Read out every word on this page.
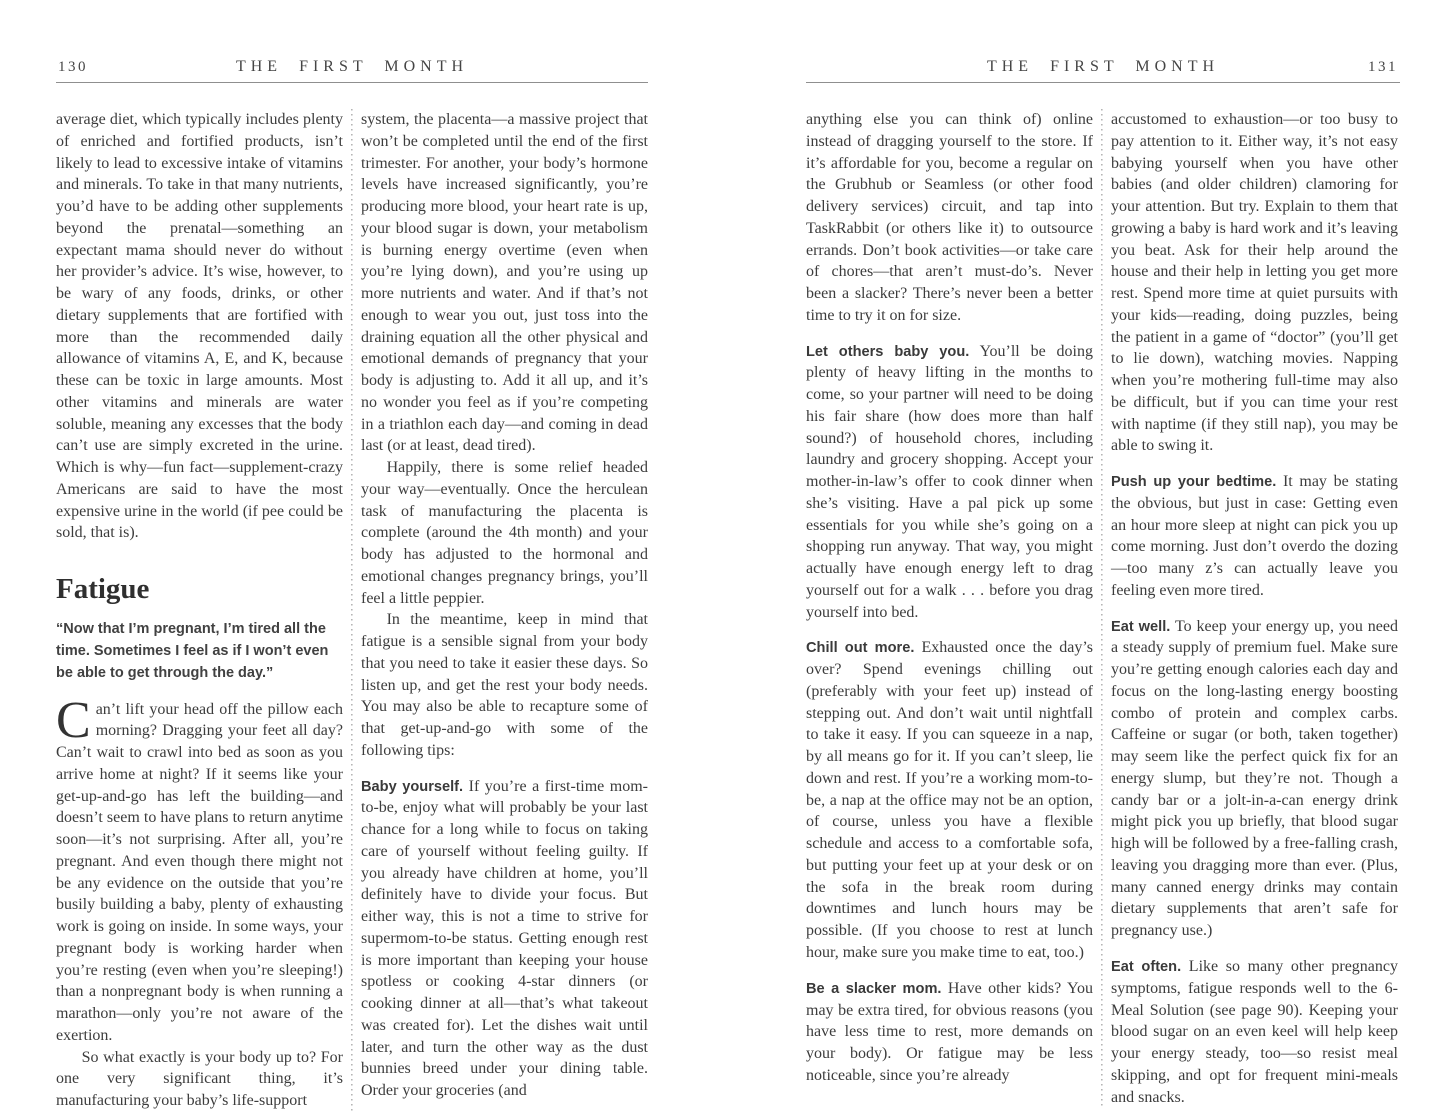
130	THE FIRST MONTH

average diet, which typically includes plenty of enriched and fortified products, isn’t likely to lead to excessive intake of vitamins and minerals. To take in that many nutrients, you’d have to be adding other supplements beyond the prenatal—something an expectant mama should never do without her provider’s advice. It’s wise, however, to be wary of any foods, drinks, or other dietary supplements that are fortified with more than the recommended daily allowance of vitamins A, E, and K, because these can be toxic in large amounts. Most other vitamins and minerals are water soluble, meaning any excesses that the body can’t use are simply excreted in the urine. Which is why—fun fact—supplement-crazy Americans are said to have the most expensive urine in the world (if pee could be sold, that is).

Fatigue

“Now that I’m pregnant, I’m tired all the time. Sometimes I feel as if I won’t even be able to get through the day.”

Can’t lift your head off the pillow each morning? Dragging your feet all day? Can’t wait to crawl into bed as soon as you arrive home at night? If it seems like your get-up-and-go has left the building—and doesn’t seem to have plans to return anytime soon—it’s not surprising. After all, you’re pregnant. And even though there might not be any evidence on the outside that you’re busily building a baby, plenty of exhausting work is going on inside. In some ways, your pregnant body is working harder when you’re resting (even when you’re sleeping!) than a nonpregnant body is when running a marathon—only you’re not aware of the exertion.

So what exactly is your body up to? For one very significant thing, it’s manufacturing your baby’s life-support

system, the placenta—a massive project that won’t be completed until the end of the first trimester. For another, your body’s hormone levels have increased significantly, you’re producing more blood, your heart rate is up, your blood sugar is down, your metabolism is burning energy overtime (even when you’re lying down), and you’re using up more nutrients and water. And if that’s not enough to wear you out, just toss into the draining equation all the other physical and emotional demands of pregnancy that your body is adjusting to. Add it all up, and it’s no wonder you feel as if you’re competing in a triathlon each day—and coming in dead last (or at least, dead tired).

Happily, there is some relief headed your way—eventually. Once the herculean task of manufacturing the placenta is complete (around the 4th month) and your body has adjusted to the hormonal and emotional changes pregnancy brings, you’ll feel a little peppier.

In the meantime, keep in mind that fatigue is a sensible signal from your body that you need to take it easier these days. So listen up, and get the rest your body needs. You may also be able to recapture some of that get-up-and-go with some of the following tips:

Baby yourself. If you’re a first-time mom-to-be, enjoy what will probably be your last chance for a long while to focus on taking care of yourself without feeling guilty. If you already have children at home, you’ll definitely have to divide your focus. But either way, this is not a time to strive for supermom-to-be status. Getting enough rest is more important than keeping your house spotless or cooking 4-star dinners (or cooking dinner at all—that’s what takeout was created for). Let the dishes wait until later, and turn the other way as the dust bunnies breed under your dining table. Order your groceries (and

THE FIRST MONTH	131

anything else you can think of) online instead of dragging yourself to the store. If it’s affordable for you, become a regular on the Grubhub or Seamless (or other food delivery services) circuit, and tap into TaskRabbit (or others like it) to outsource errands. Don’t book activities—or take care of chores—that aren’t must-do’s. Never been a slacker? There’s never been a better time to try it on for size.

Let others baby you. You’ll be doing plenty of heavy lifting in the months to come, so your partner will need to be doing his fair share (how does more than half sound?) of household chores, including laundry and grocery shopping. Accept your mother-in-law’s offer to cook dinner when she’s visiting. Have a pal pick up some essentials for you while she’s going on a shopping run anyway. That way, you might actually have enough energy left to drag yourself out for a walk . . . before you drag yourself into bed.

Chill out more. Exhausted once the day’s over? Spend evenings chilling out (preferably with your feet up) instead of stepping out. And don’t wait until nightfall to take it easy. If you can squeeze in a nap, by all means go for it. If you can’t sleep, lie down and rest. If you’re a working mom-to-be, a nap at the office may not be an option, of course, unless you have a flexible schedule and access to a comfortable sofa, but putting your feet up at your desk or on the sofa in the break room during downtimes and lunch hours may be possible. (If you choose to rest at lunch hour, make sure you make time to eat, too.)

Be a slacker mom. Have other kids? You may be extra tired, for obvious reasons (you have less time to rest, more demands on your body). Or fatigue may be less noticeable, since you’re already

accustomed to exhaustion—or too busy to pay attention to it. Either way, it’s not easy babying yourself when you have other babies (and older children) clamoring for your attention. But try. Explain to them that growing a baby is hard work and it’s leaving you beat. Ask for their help around the house and their help in letting you get more rest. Spend more time at quiet pursuits with your kids—reading, doing puzzles, being the patient in a game of “doctor” (you’ll get to lie down), watching movies. Napping when you’re mothering full-time may also be difficult, but if you can time your rest with naptime (if they still nap), you may be able to swing it.

Push up your bedtime. It may be stating the obvious, but just in case: Getting even an hour more sleep at night can pick you up come morning. Just don’t overdo the dozing—too many z’s can actually leave you feeling even more tired.

Eat well. To keep your energy up, you need a steady supply of premium fuel. Make sure you’re getting enough calories each day and focus on the long-lasting energy boosting combo of protein and complex carbs. Caffeine or sugar (or both, taken together) may seem like the perfect quick fix for an energy slump, but they’re not. Though a candy bar or a jolt-in-a-can energy drink might pick you up briefly, that blood sugar high will be followed by a free-falling crash, leaving you dragging more than ever. (Plus, many canned energy drinks may contain dietary supplements that aren’t safe for pregnancy use.)

Eat often. Like so many other pregnancy symptoms, fatigue responds well to the 6-Meal Solution (see page 90). Keeping your blood sugar on an even keel will help keep your energy steady, too—so resist meal skipping, and opt for frequent mini-meals and snacks.
